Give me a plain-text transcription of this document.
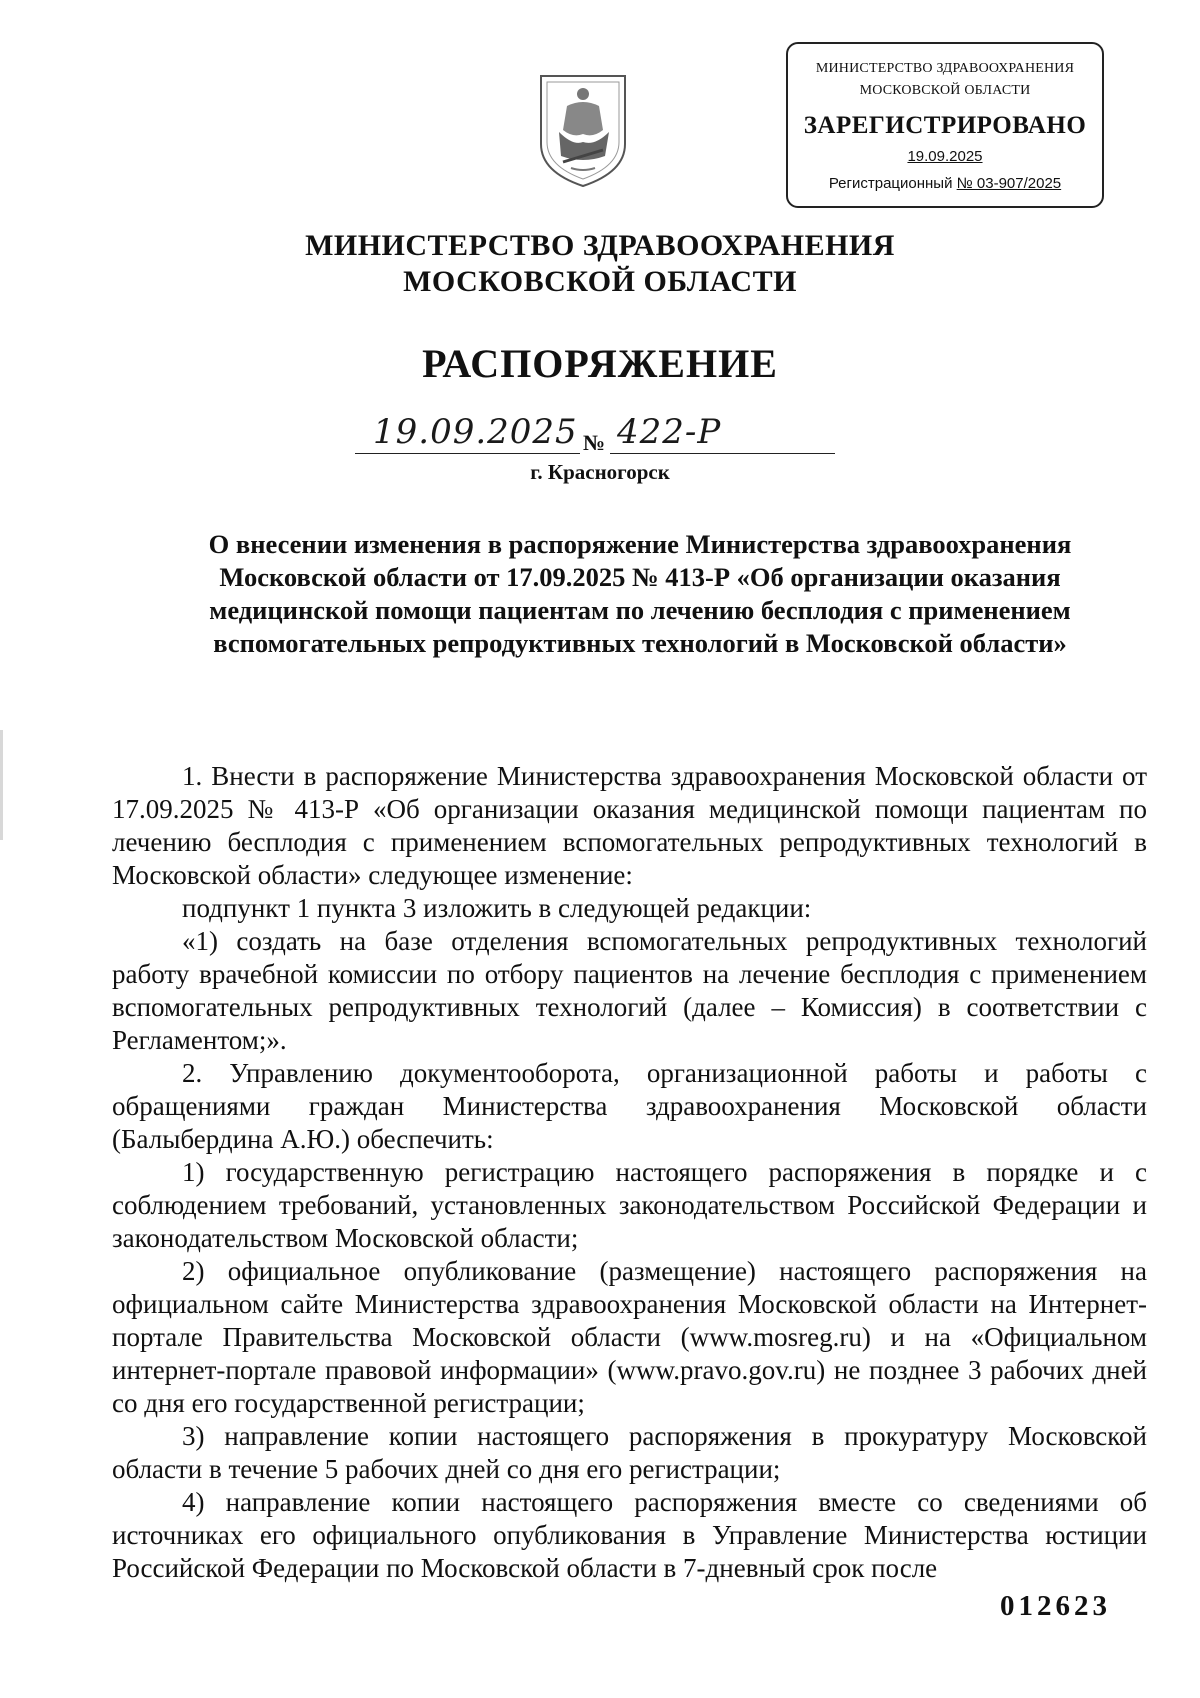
МИНИСТЕРСТВО ЗДРАВООХРАНЕНИЯ
МОСКОВСКОЙ ОБЛАСТИ
ЗАРЕГИСТРИРОВАНО
19.09.2025
Регистрационный № 03-907/2025
МИНИСТЕРСТВО ЗДРАВООХРАНЕНИЯ
МОСКОВСКОЙ ОБЛАСТИ
РАСПОРЯЖЕНИЕ
19.09.2025 № 422-Р
г. Красногорск
О внесении изменения в распоряжение Министерства здравоохранения
Московской области от 17.09.2025 № 413-Р «Об организации оказания
медицинской помощи пациентам по лечению бесплодия с применением
вспомогательных репродуктивных технологий в Московской области»

1. Внести в распоряжение Министерства здравоохранения Московской области от 17.09.2025 № 413-Р «Об организации оказания медицинской помощи пациентам по лечению бесплодия с применением вспомогательных репродуктивных технологий в Московской области» следующее изменение:

подпункт 1 пункта 3 изложить в следующей редакции:

«1) создать на базе отделения вспомогательных репродуктивных технологий работу врачебной комиссии по отбору пациентов на лечение бесплодия с применением вспомогательных репродуктивных технологий (далее – Комиссия) в соответствии с Регламентом;».

2. Управлению документооборота, организационной работы и работы с обращениями граждан Министерства здравоохранения Московской области (Балыбердина А.Ю.) обеспечить:

1) государственную регистрацию настоящего распоряжения в порядке и с соблюдением требований, установленных законодательством Российской Федерации и законодательством Московской области;

2) официальное опубликование (размещение) настоящего распоряжения на официальном сайте Министерства здравоохранения Московской области на Интернет-портале Правительства Московской области (www.mosreg.ru) и на «Официальном интернет-портале правовой информации» (www.pravo.gov.ru) не позднее 3 рабочих дней со дня его государственной регистрации;

3) направление копии настоящего распоряжения в прокуратуру Московской области в течение 5 рабочих дней со дня его регистрации;

4) направление копии настоящего распоряжения вместе со сведениями об источниках его официального опубликования в Управление Министерства юстиции Российской Федерации по Московской области в 7-дневный срок после

012623
